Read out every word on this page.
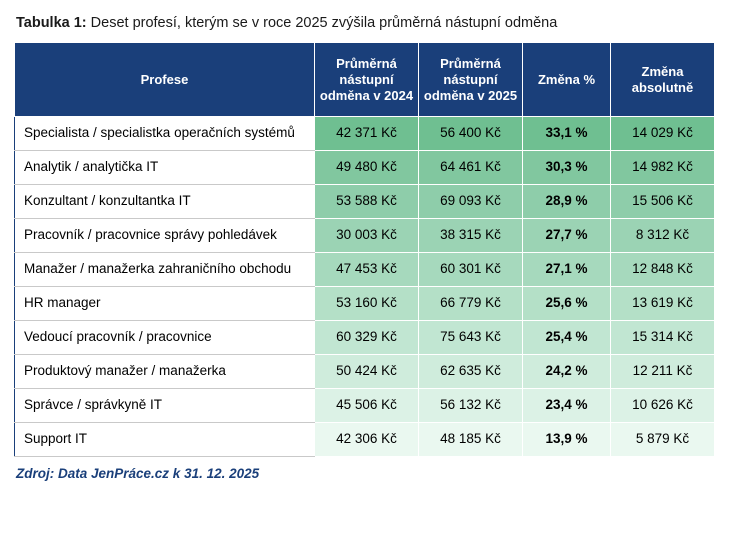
Tabulka 1: Deset profesí, kterým se v roce 2025 zvýšila průměrná nástupní odměna
Profese	Průměrná nástupní odměna v 2024	Průměrná nástupní odměna v 2025	Změna %	Změna absolutně
Specialista / specialistka operačních systémů	42 371 Kč	56 400 Kč	33,1 %	14 029 Kč
Analytik / analytička IT	49 480 Kč	64 461 Kč	30,3 %	14 982 Kč
Konzultant / konzultantka IT	53 588 Kč	69 093 Kč	28,9 %	15 506 Kč
Pracovník / pracovnice správy pohledávek	30 003 Kč	38 315 Kč	27,7 %	8 312 Kč
Manažer / manažerka zahraničního obchodu	47 453 Kč	60 301 Kč	27,1 %	12 848 Kč
HR manager	53 160 Kč	66 779 Kč	25,6 %	13 619 Kč
Vedoucí pracovník / pracovnice	60 329 Kč	75 643 Kč	25,4 %	15 314 Kč
Produktový manažer / manažerka	50 424 Kč	62 635 Kč	24,2 %	12 211 Kč
Správce / správkyně IT	45 506 Kč	56 132 Kč	23,4 %	10 626 Kč
Support IT	42 306 Kč	48 185 Kč	13,9 %	5 879 Kč
Zdroj: Data JenPráce.cz k 31. 12. 2025
